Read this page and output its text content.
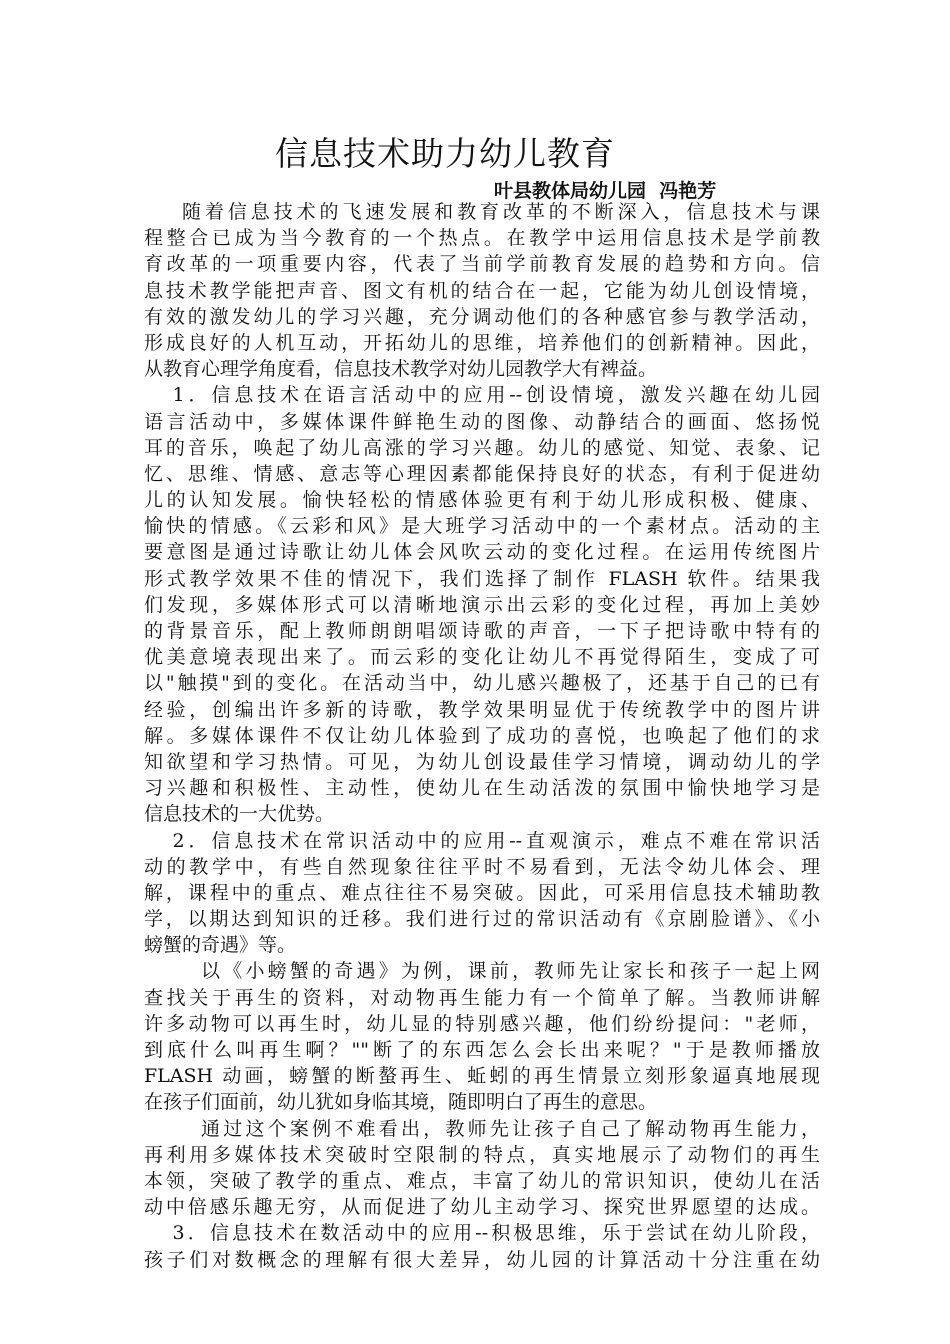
信息技术助力幼儿教育
叶县教体局幼儿园  冯艳芳
随着信息技术的飞速发展和教育改革的不断深入，信息技术与课
程整合已成为当今教育的一个热点。在教学中运用信息技术是学前教
育改革的一项重要内容，代表了当前学前教育发展的趋势和方向。信
息技术教学能把声音、图文有机的结合在一起，它能为幼儿创设情境，
有效的激发幼儿的学习兴趣，充分调动他们的各种感官参与教学活动，
形成良好的人机互动，开拓幼儿的思维，培养他们的创新精神。因此，
从教育心理学角度看，信息技术教学对幼儿园教学大有裨益。
1．信息技术在语言活动中的应用--创设情境，激发兴趣在幼儿园
语言活动中，多媒体课件鲜艳生动的图像、动静结合的画面、悠扬悦
耳的音乐，唤起了幼儿高涨的学习兴趣。幼儿的感觉、知觉、表象、记
忆、思维、情感、意志等心理因素都能保持良好的状态，有利于促进幼
儿的认知发展。愉快轻松的情感体验更有利于幼儿形成积极、健康、
愉快的情感。《云彩和风》是大班学习活动中的一个素材点。活动的主
要意图是通过诗歌让幼儿体会风吹云动的变化过程。在运用传统图片
形式教学效果不佳的情况下，我们选择了制作 FLASH 软件。结果我
们发现，多媒体形式可以清晰地演示出云彩的变化过程，再加上美妙
的背景音乐，配上教师朗朗唱颂诗歌的声音，一下子把诗歌中特有的
优美意境表现出来了。而云彩的变化让幼儿不再觉得陌生，变成了可
以"触摸"到的变化。在活动当中，幼儿感兴趣极了，还基于自己的已有
经验，创编出许多新的诗歌，教学效果明显优于传统教学中的图片讲
解。多媒体课件不仅让幼儿体验到了成功的喜悦，也唤起了他们的求
知欲望和学习热情。可见，为幼儿创设最佳学习情境，调动幼儿的学
习兴趣和积极性、主动性，使幼儿在生动活泼的氛围中愉快地学习是
信息技术的一大优势。
2．信息技术在常识活动中的应用--直观演示，难点不难在常识活
动的教学中，有些自然现象往往平时不易看到，无法令幼儿体会、理
解，课程中的重点、难点往往不易突破。因此，可采用信息技术辅助教
学，以期达到知识的迁移。我们进行过的常识活动有《京剧脸谱》、《小
螃蟹的奇遇》等。
以《小螃蟹的奇遇》为例，课前，教师先让家长和孩子一起上网
查找关于再生的资料，对动物再生能力有一个简单了解。当教师讲解
许多动物可以再生时，幼儿显的特别感兴趣，他们纷纷提问："老师，
到底什么叫再生啊？""断了的东西怎么会长出来呢？"于是教师播放
FLASH 动画，螃蟹的断螯再生、蚯蚓的再生情景立刻形象逼真地展现
在孩子们面前，幼儿犹如身临其境，随即明白了再生的意思。
通过这个案例不难看出，教师先让孩子自己了解动物再生能力，
再利用多媒体技术突破时空限制的特点，真实地展示了动物们的再生
本领，突破了教学的重点、难点，丰富了幼儿的常识知识，使幼儿在活
动中倍感乐趣无穷，从而促进了幼儿主动学习、探究世界愿望的达成。
3．信息技术在数活动中的应用--积极思维，乐于尝试在幼儿阶段，
孩子们对数概念的理解有很大差异，幼儿园的计算活动十分注重在幼
